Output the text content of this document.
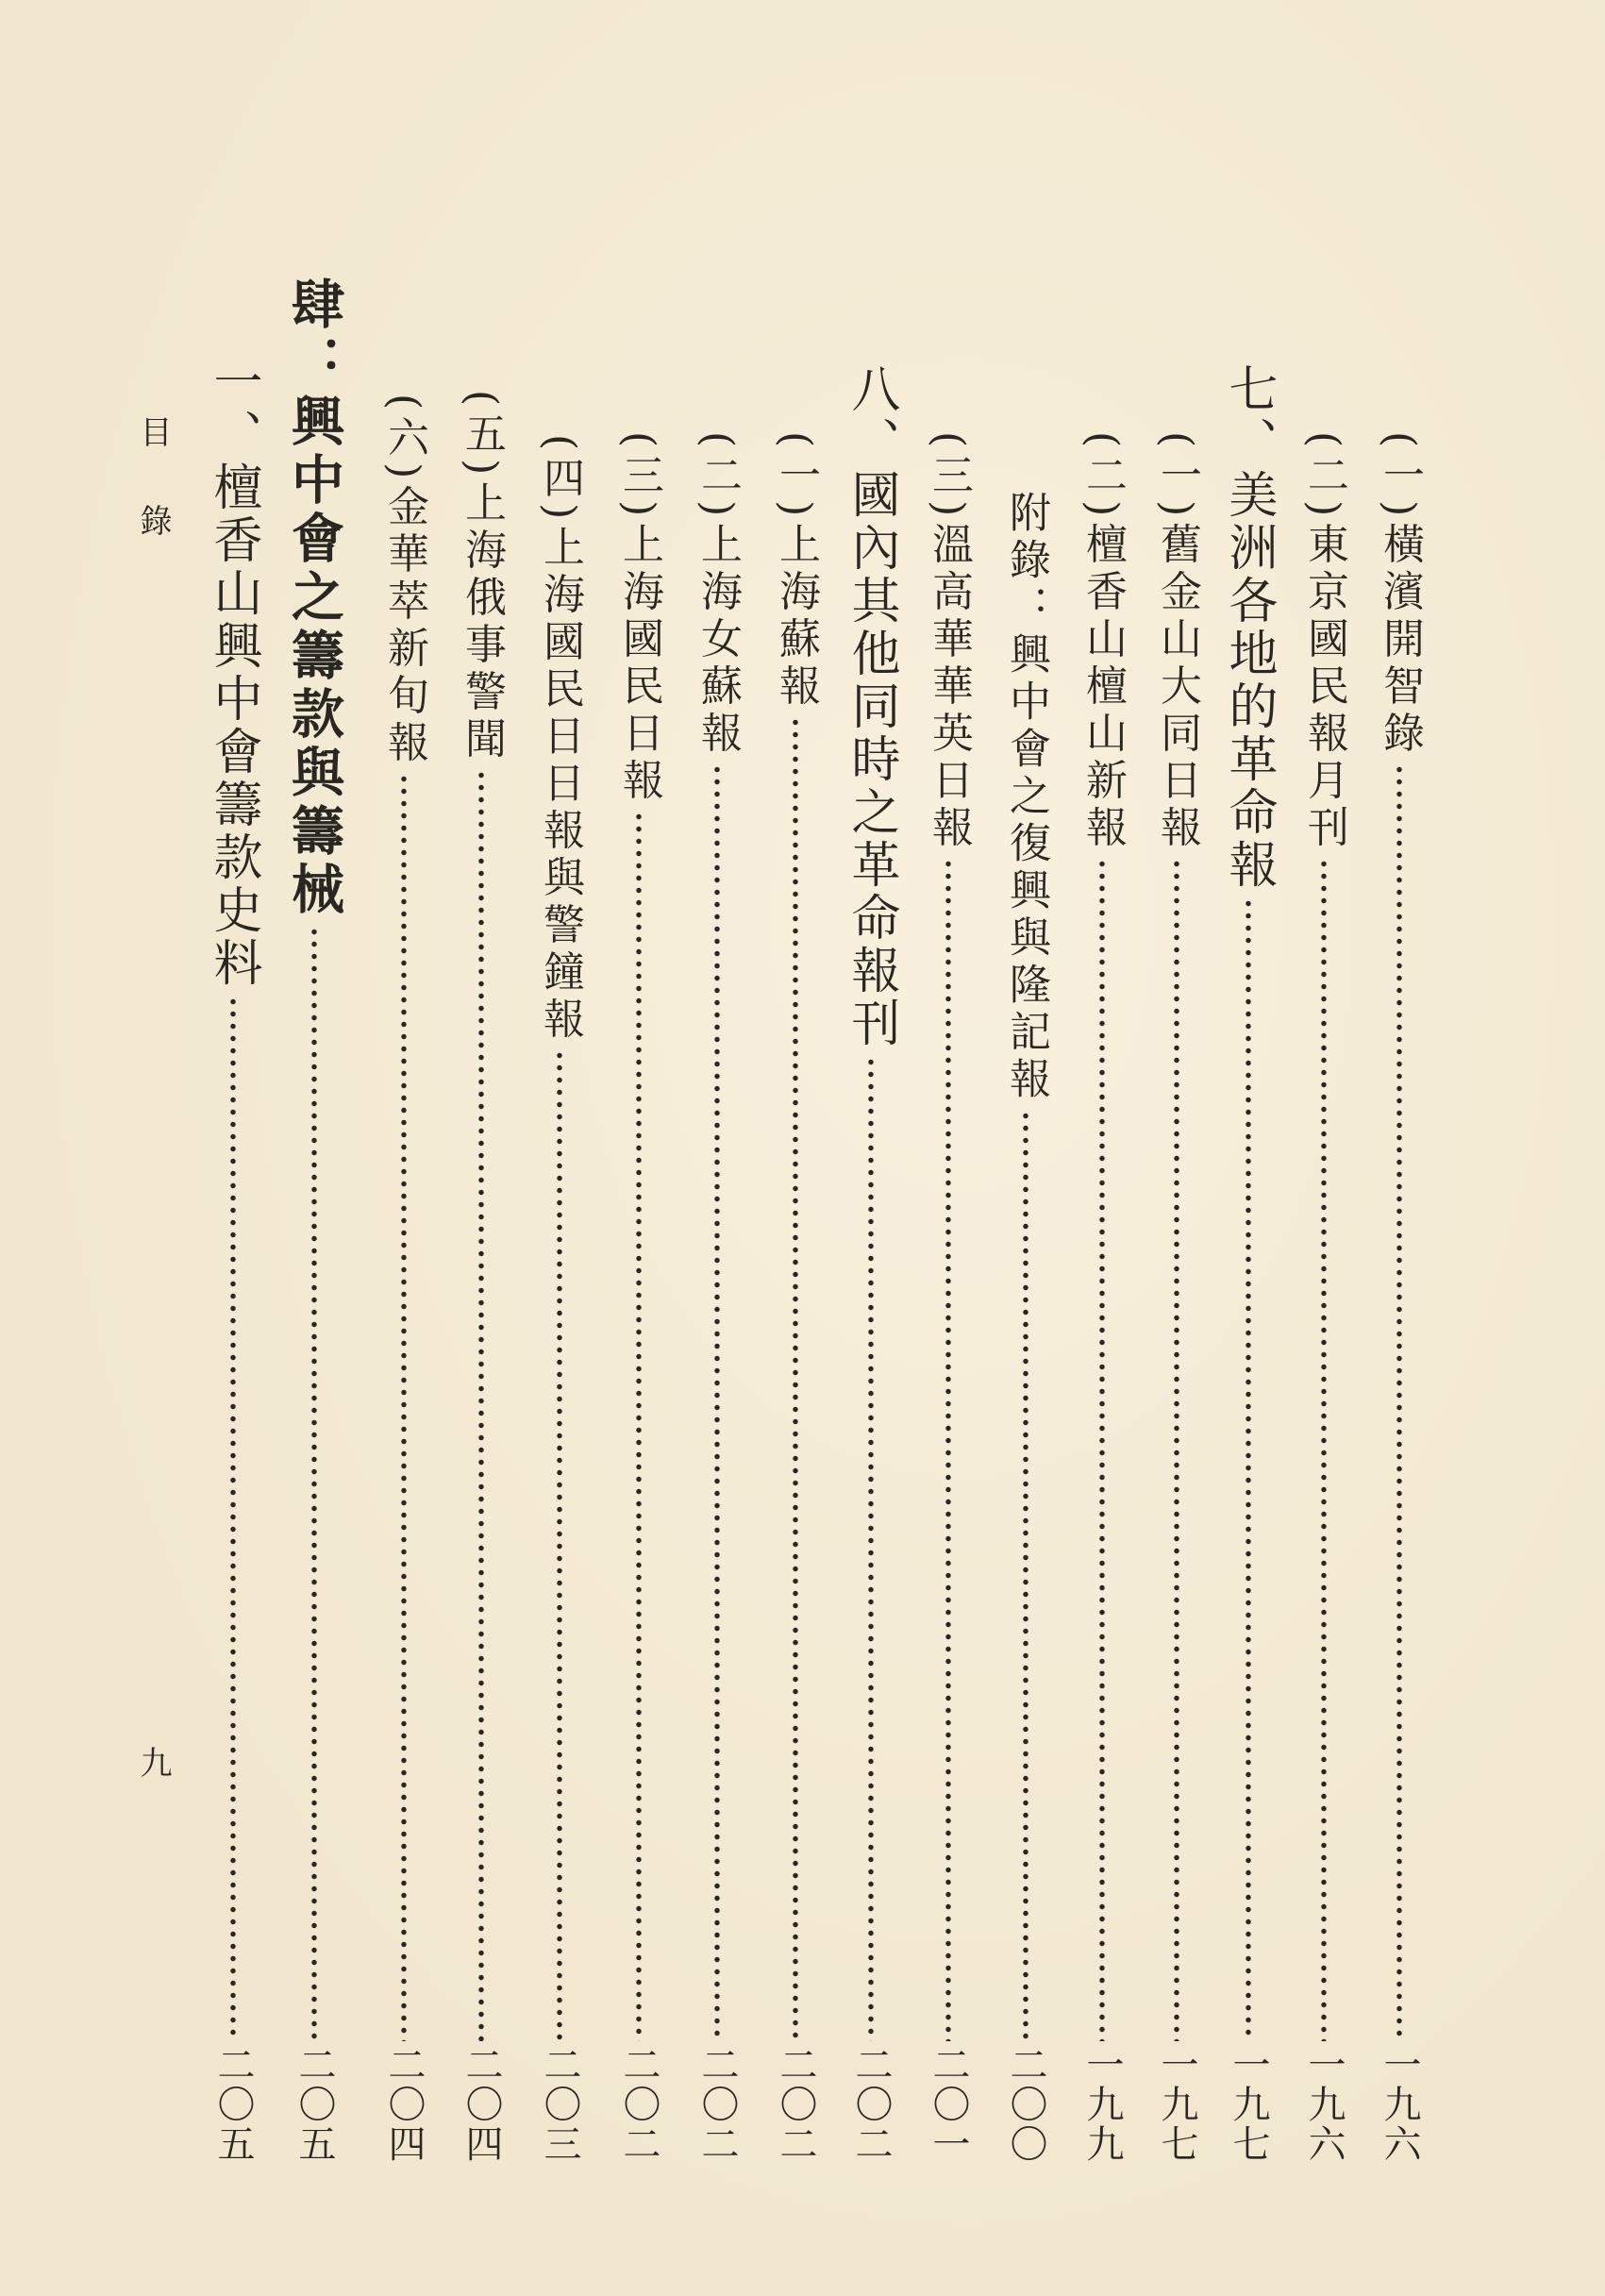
(一)橫濱開智錄
一九六
(二)東京國民報月刊
一九六
七、美洲各地的革命報
一九七
(一)舊金山大同日報
一九七
(二)檀香山檀山新報
一九九
附錄：興中會之復興與隆記報
二〇〇
(三)溫高華華英日報
二〇一
八、國內其他同時之革命報刊
二〇二
(一)上海蘇報
二〇二
(二)上海女蘇報
二〇二
(三)上海國民日報
二〇二
(四)上海國民日日報與警鐘報
二〇三
(五)上海俄事警聞
二〇四
(六)金華萃新旬報
二〇四
肆：興中會之籌款與籌械
二〇五
一、檀香山興中會籌款史料
二〇五
目錄
九
